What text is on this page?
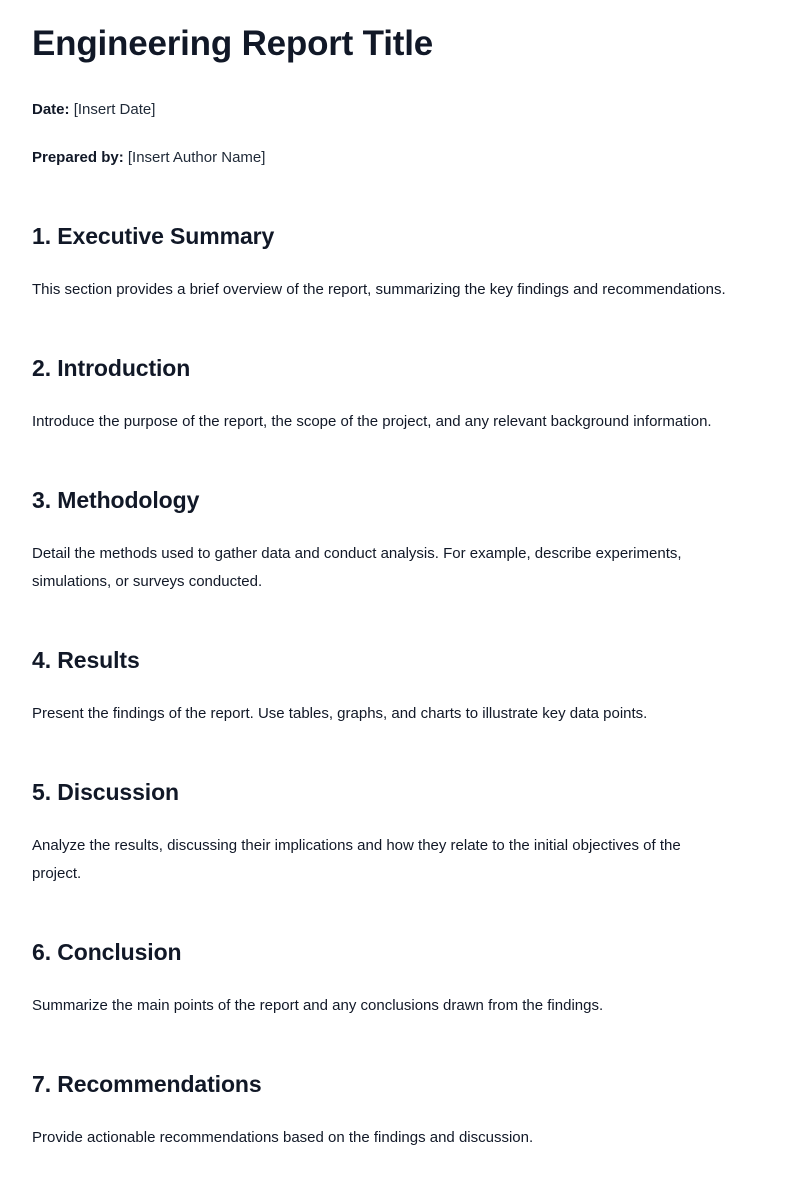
Engineering Report Title

Date: [Insert Date]

Prepared by: [Insert Author Name]

1. Executive Summary

This section provides a brief overview of the report, summarizing the key findings and recommendations.

2. Introduction

Introduce the purpose of the report, the scope of the project, and any relevant background information.

3. Methodology

Detail the methods used to gather data and conduct analysis. For example, describe experiments, simulations, or surveys conducted.

4. Results

Present the findings of the report. Use tables, graphs, and charts to illustrate key data points.

5. Discussion

Analyze the results, discussing their implications and how they relate to the initial objectives of the project.

6. Conclusion

Summarize the main points of the report and any conclusions drawn from the findings.

7. Recommendations

Provide actionable recommendations based on the findings and discussion.
